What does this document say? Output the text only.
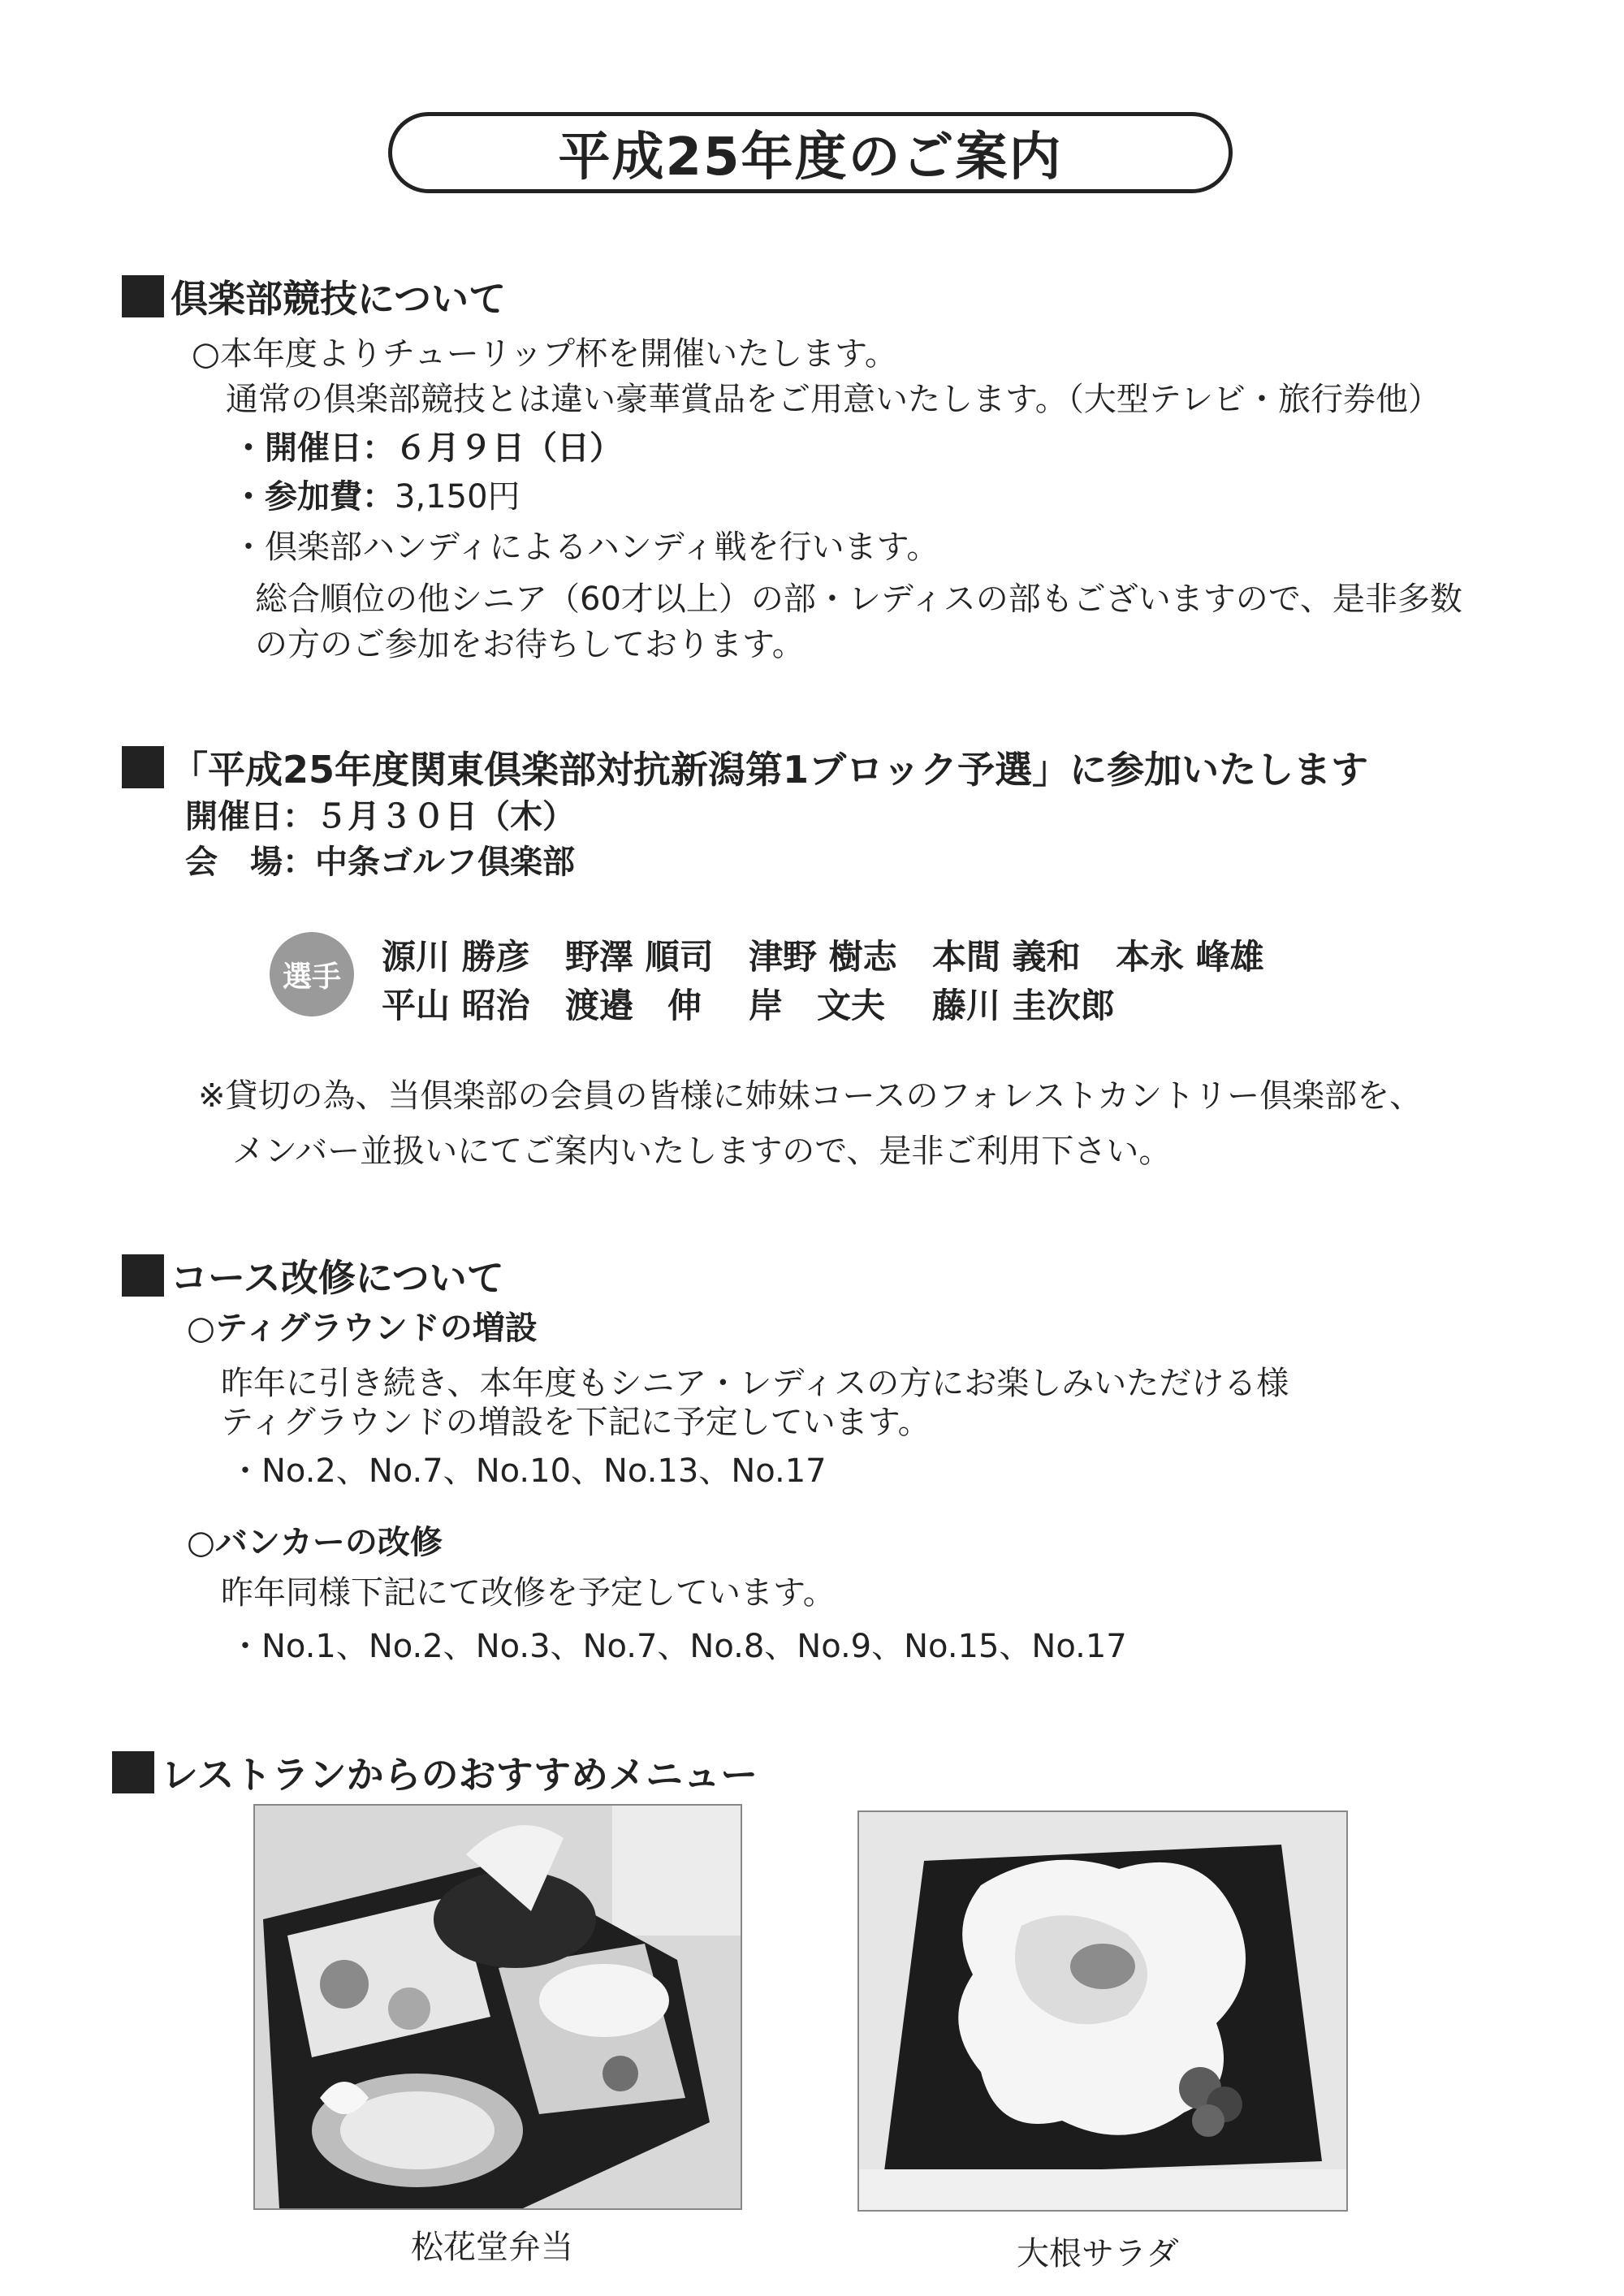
平成25年度のご案内
倶楽部競技について
○本年度よりチューリップ杯を開催いたします。
通常の倶楽部競技とは違い豪華賞品をご用意いたします。（大型テレビ・旅行券他）
・開催日：６月９日（日）
・参加費：3,150円
・倶楽部ハンディによるハンディ戦を行います。
総合順位の他シニア（60才以上）の部・レディスの部もございますので、是非多数
の方のご参加をお待ちしております。
「平成25年度関東倶楽部対抗新潟第1ブロック予選」に参加いたします
開催日：５月３０日（木）
会　場：中条ゴルフ倶楽部
選手	源川 勝彦 野澤 順司 津野 樹志 本間 義和 本永 峰雄
平山 昭治 渡邉　伸 岸　文夫 藤川 圭次郎
※貸切の為、当倶楽部の会員の皆様に姉妹コースのフォレストカントリー倶楽部を、
メンバー並扱いにてご案内いたしますので、是非ご利用下さい。
コース改修について
○ティグラウンドの増設
昨年に引き続き、本年度もシニア・レディスの方にお楽しみいただける様
ティグラウンドの増設を下記に予定しています。
・No.2、No.7、No.10、No.13、No.17
○バンカーの改修
昨年同様下記にて改修を予定しています。
・No.1、No.2、No.3、No.7、No.8、No.9、No.15、No.17
レストランからのおすすめメニュー
松花堂弁当	大根サラダ
